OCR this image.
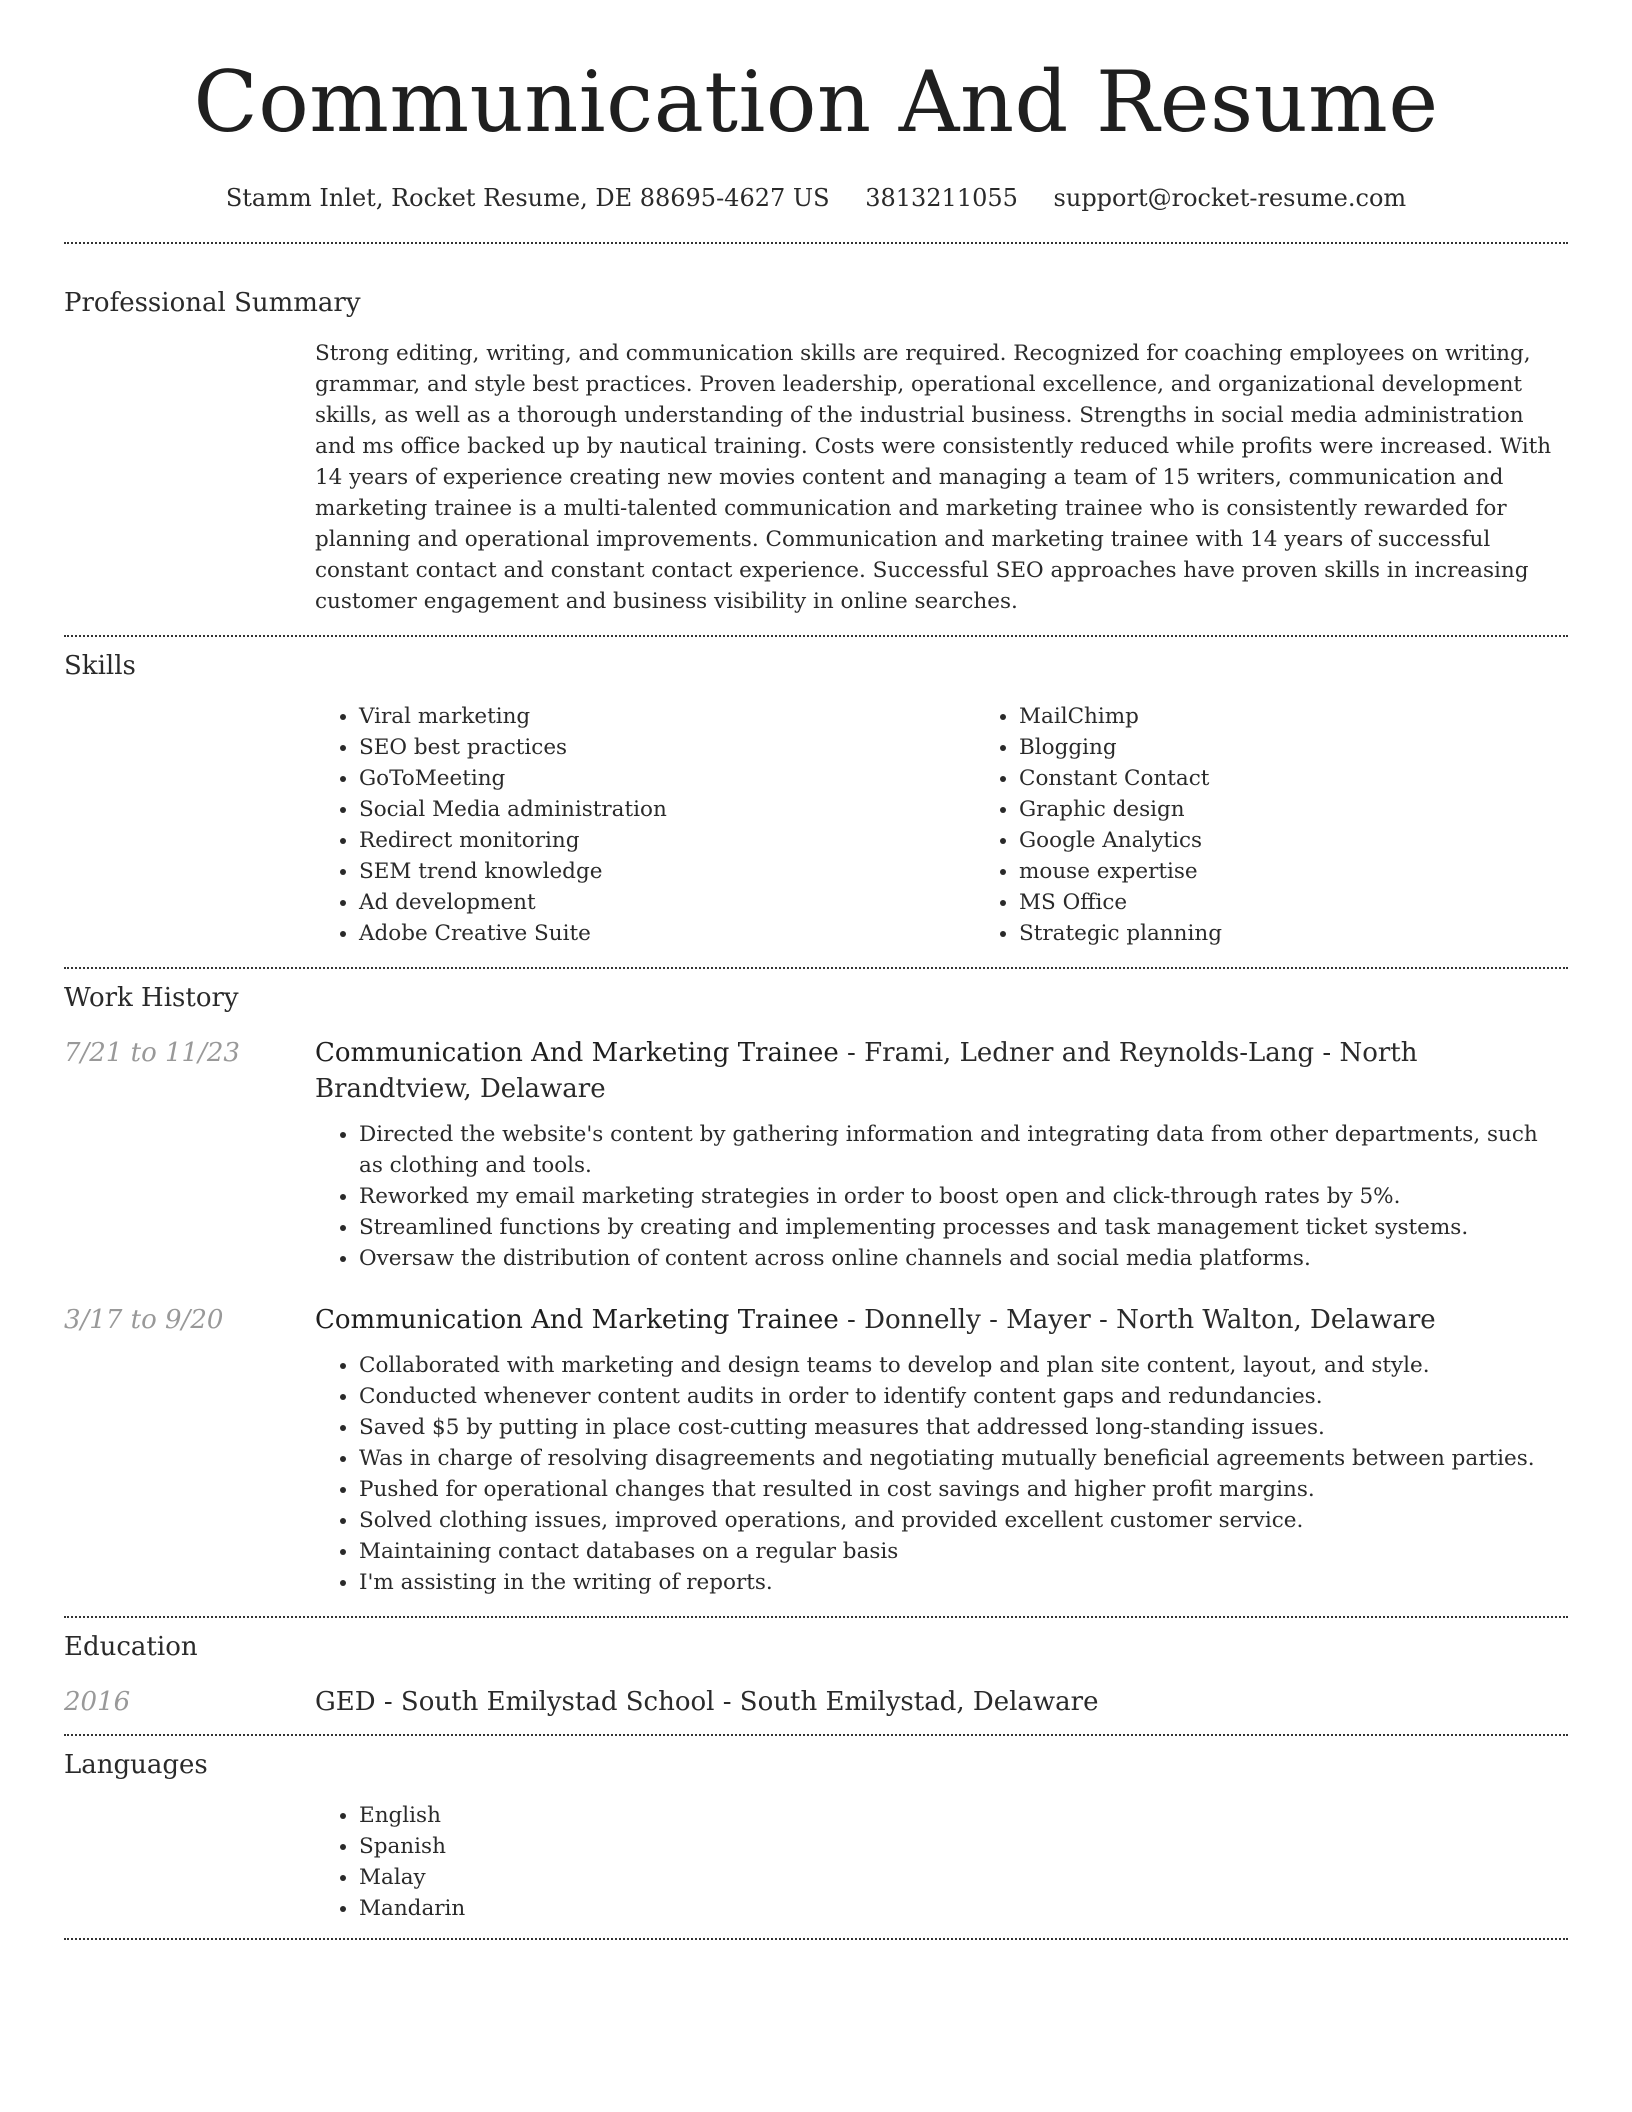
Communication And Resume
Stamm Inlet, Rocket Resume, DE 88695-4627 US 3813211055 support@rocket-resume.com
Professional Summary

Strong editing, writing, and communication skills are required. Recognized for coaching employees on writing, grammar, and style best practices. Proven leadership, operational excellence, and organizational development skills, as well as a thorough understanding of the industrial business. Strengths in social media administration and ms office backed up by nautical training. Costs were consistently reduced while profits were increased. With 14 years of experience creating new movies content and managing a team of 15 writers, communication and marketing trainee is a multi-talented communication and marketing trainee who is consistently rewarded for planning and operational improvements. Communication and marketing trainee with 14 years of successful constant contact and constant contact experience. Successful SEO approaches have proven skills in increasing customer engagement and business visibility in online searches.

Skills
• Viral marketing
• SEO best practices
• GoToMeeting
• Social Media administration
• Redirect monitoring
• SEM trend knowledge
• Ad development
• Adobe Creative Suite
• MailChimp
• Blogging
• Constant Contact
• Graphic design
• Google Analytics
• mouse expertise
• MS Office
• Strategic planning
Work History
7/21 to 11/23	Communication And Marketing Trainee - Frami, Ledner and Reynolds-Lang - North Brandtview, Delaware
• Directed the website's content by gathering information and integrating data from other departments, such as clothing and tools.
• Reworked my email marketing strategies in order to boost open and click-through rates by 5%.
• Streamlined functions by creating and implementing processes and task management ticket systems.
• Oversaw the distribution of content across online channels and social media platforms.
3/17 to 9/20	Communication And Marketing Trainee - Donnelly - Mayer - North Walton, Delaware
• Collaborated with marketing and design teams to develop and plan site content, layout, and style.
• Conducted whenever content audits in order to identify content gaps and redundancies.
• Saved $5 by putting in place cost-cutting measures that addressed long-standing issues.
• Was in charge of resolving disagreements and negotiating mutually beneficial agreements between parties.
• Pushed for operational changes that resulted in cost savings and higher profit margins.
• Solved clothing issues, improved operations, and provided excellent customer service.
• Maintaining contact databases on a regular basis
• I'm assisting in the writing of reports.
Education
2016	GED - South Emilystad School - South Emilystad, Delaware
Languages
• English
• Spanish
• Malay
• Mandarin
